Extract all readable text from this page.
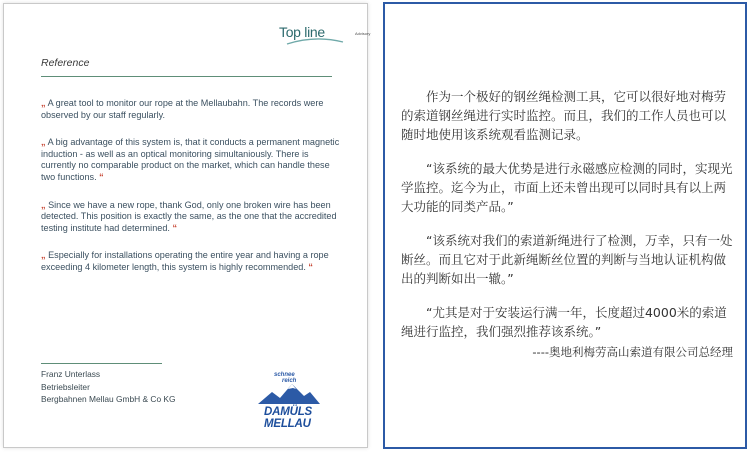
Top line	Advisory
Reference

„ A great tool to monitor our rope at the Mellaubahn. The records were observed by our staff regularly.

„ A big advantage of this system is, that it conducts a permanent magnetic induction - as well as an optical monitoring simultaniously. There is currently no comparable product on the market, which can handle these two functions. “

„ Since we have a new rope, thank God, only one broken wire has been detected. This position is exactly the same, as the one that the accredited testing institute had determined. “

„ Especially for installations operating the entire year and having a rope exceeding 4 kilometer length, this system is highly recommended. “

Franz Unterlass
Betriebsleiter
Bergbahnen Mellau GmbH & Co KG
schnee
reich
DAMÜLS
MELLAU

作为一个极好的钢丝绳检测工具，它可以很好地对梅劳的索道钢丝绳进行实时监控。而且，我们的工作人员也可以随时地使用该系统观看监测记录。

“该系统的最大优势是进行永磁感应检测的同时，实现光学监控。迄今为止，市面上还未曾出现可以同时具有以上两大功能的同类产品。”

“该系统对我们的索道新绳进行了检测，万幸，只有一处断丝。而且它对于此新绳断丝位置的判断与当地认证机构做出的判断如出一辙。”

“尤其是对于安装运行满一年，长度超过4000米的索道绳进行监控，我们强烈推荐该系统。”

----奥地利梅劳高山索道有限公司总经理
